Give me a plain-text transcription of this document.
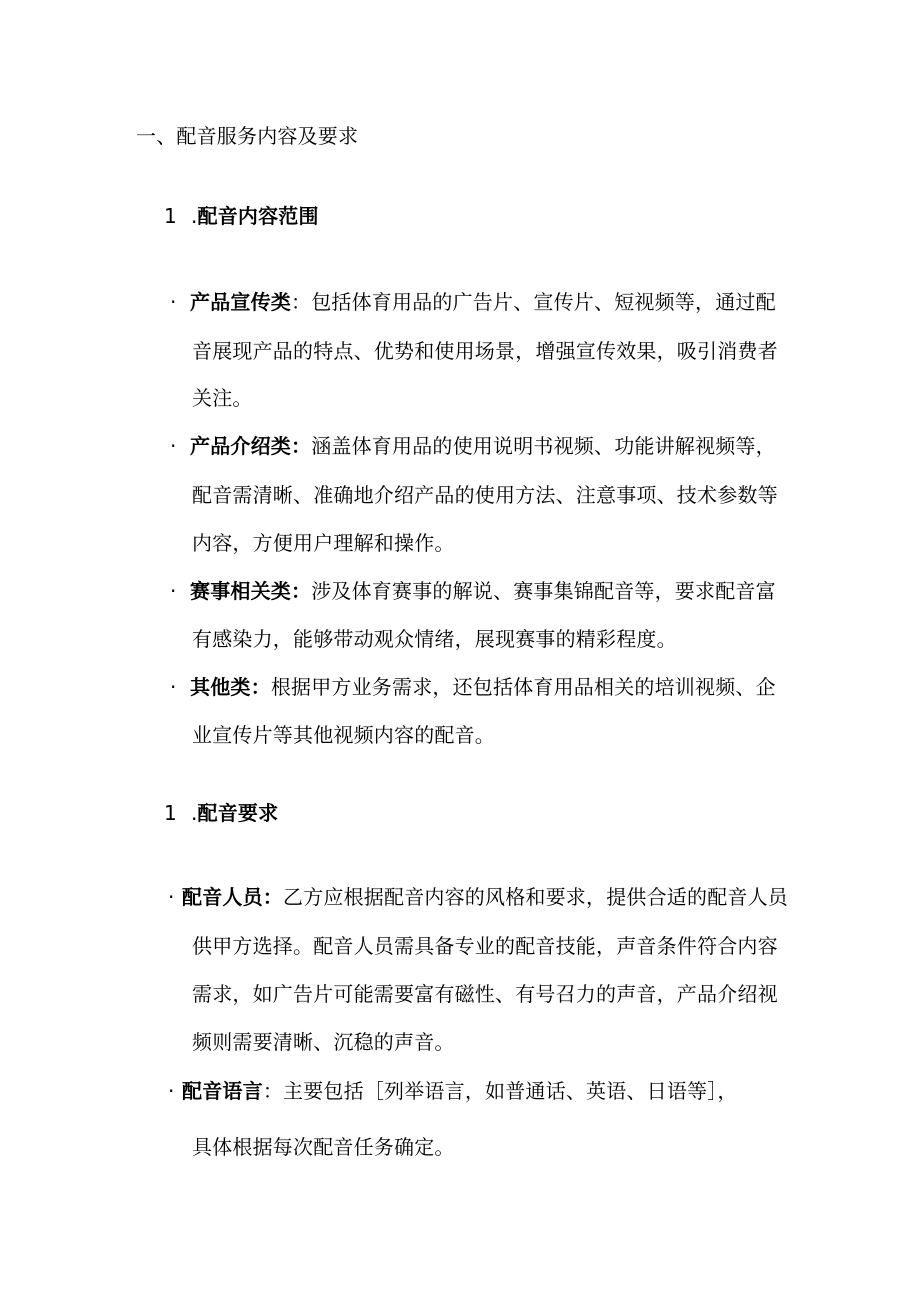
一、配音服务内容及要求
1 .配音内容范围
· 产品宣传类：包括体育用品的广告片、宣传片、短视频等，通过配
音展现产品的特点、优势和使用场景，增强宣传效果，吸引消费者
关注。
· 产品介绍类：涵盖体育用品的使用说明书视频、功能讲解视频等，
配音需清晰、准确地介绍产品的使用方法、注意事项、技术参数等
内容，方便用户理解和操作。
· 赛事相关类：涉及体育赛事的解说、赛事集锦配音等，要求配音富
有感染力，能够带动观众情绪，展现赛事的精彩程度。
· 其他类：根据甲方业务需求，还包括体育用品相关的培训视频、企
业宣传片等其他视频内容的配音。
1 .配音要求
· 配音人员：乙方应根据配音内容的风格和要求，提供合适的配音人员
供甲方选择。配音人员需具备专业的配音技能，声音条件符合内容
需求，如广告片可能需要富有磁性、有号召力的声音，产品介绍视
频则需要清晰、沉稳的声音。
· 配音语言：主要包括［列举语言，如普通话、英语、日语等］，
具体根据每次配音任务确定。
